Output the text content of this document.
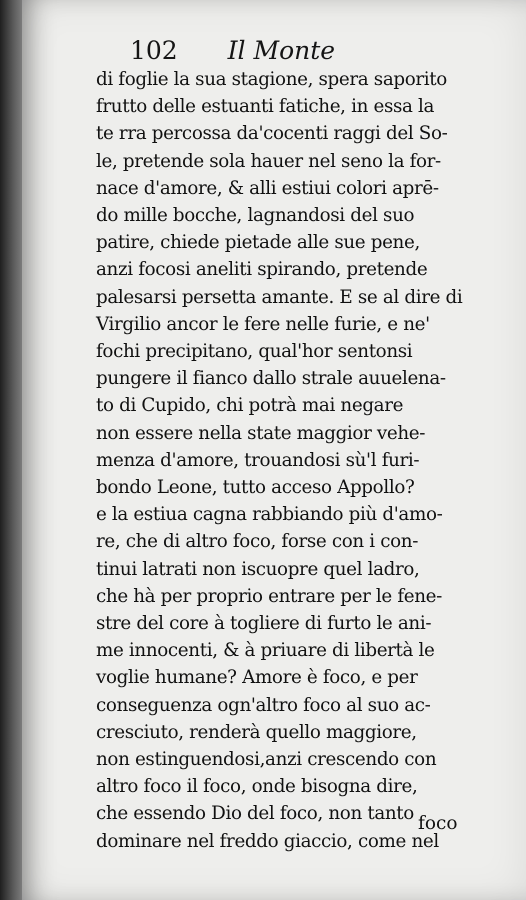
102 Il Monte
di foglie la sua stagione, spera saporito
frutto delle estuanti fatiche, in essa la
te rra percossa da'cocenti raggi del So-
le, pretende sola hauer nel seno la for-
nace d'amore, & alli estiui colori aprē-
do mille bocche, lagnandosi del suo
patire, chiede pietade alle sue pene,
anzi focosi aneliti spirando, pretende
palesarsi persetta amante. E se al dire di
Virgilio ancor le fere nelle furie, e ne'
fochi precipitano, qual'hor sentonsi
pungere il fianco dallo strale auuelena-
to di Cupido, chi potrà mai negare
non essere nella state maggior vehe-
menza d'amore, trouandosi sù'l furi-
bondo Leone, tutto acceso Appollo?
e la estiua cagna rabbiando più d'amo-
re, che di altro foco, forse con i con-
tinui latrati non iscuopre quel ladro,
che hà per proprio entrare per le fene-
stre del core à togliere di furto le ani-
me innocenti, & à priuare di libertà le
voglie humane? Amore è foco, e per
conseguenza ogn'altro foco al suo ac-
cresciuto, renderà quello maggiore,
non estinguendosi,anzi crescendo con
altro foco il foco, onde bisogna dire,
che essendo Dio del foco, non tanto
dominare nel freddo giaccio, come nel
foco
